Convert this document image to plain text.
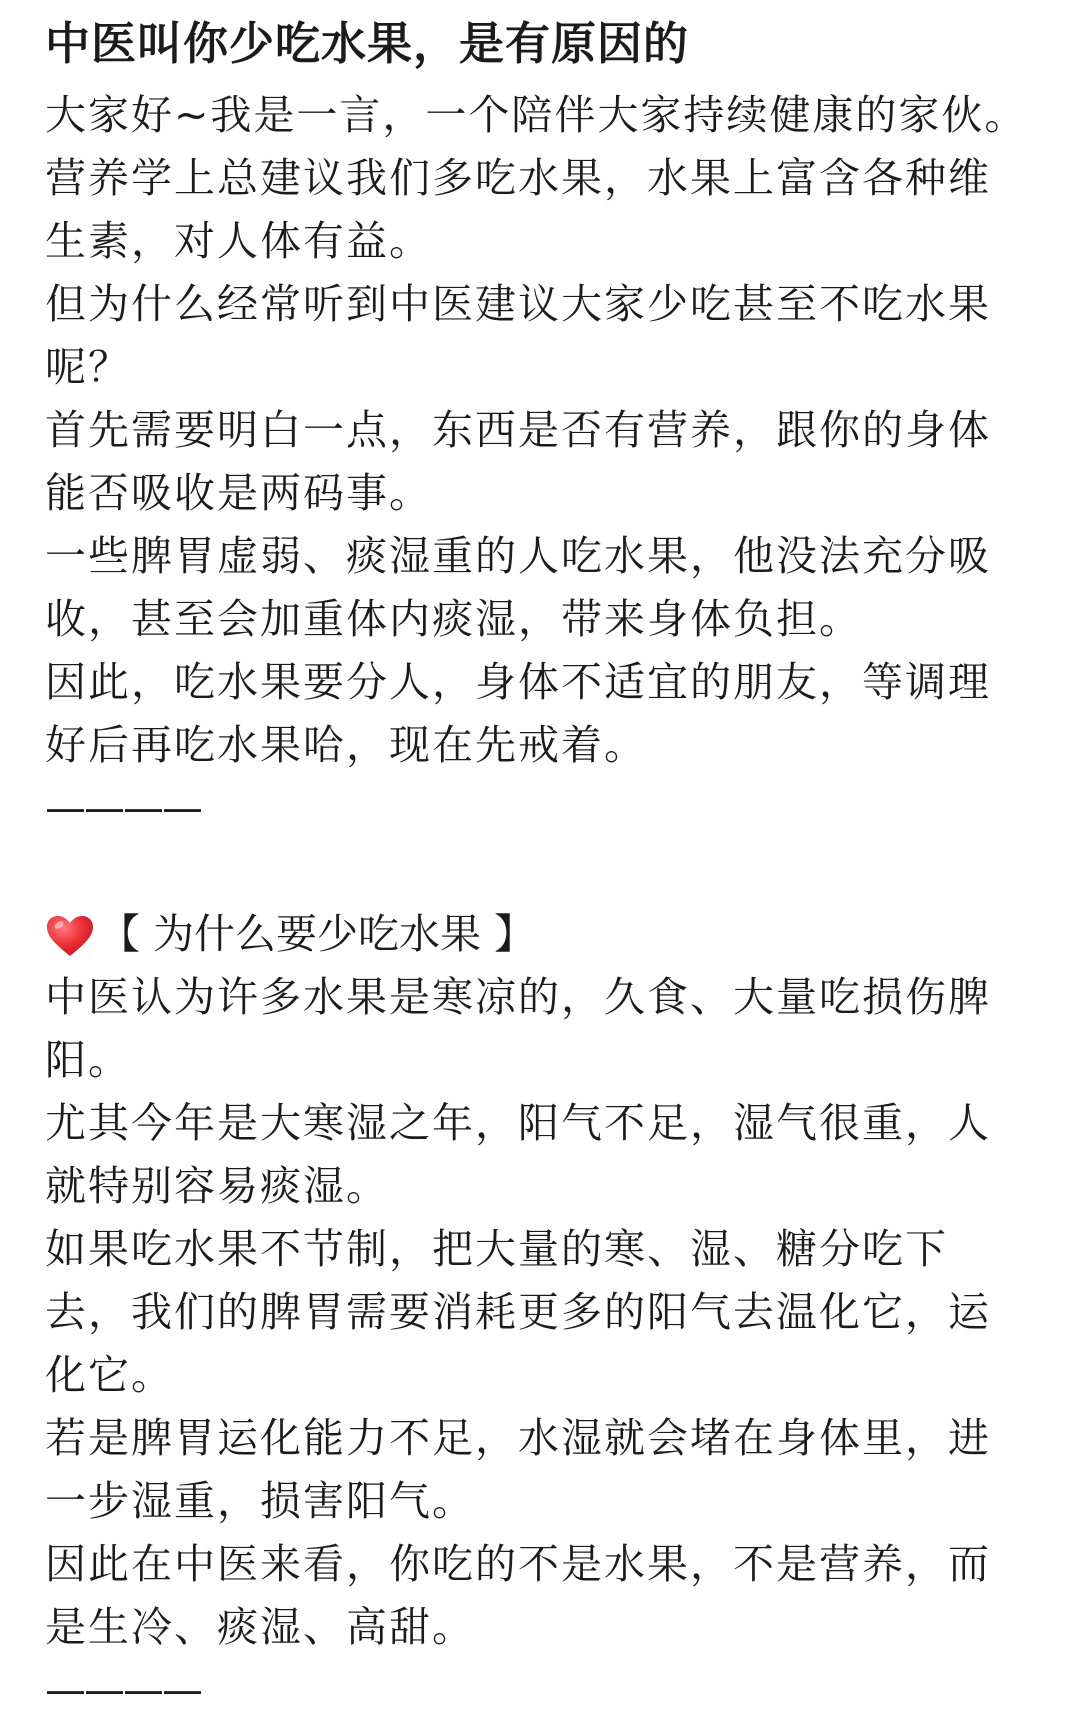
中医叫你少吃水果，是有原因的

大家好~我是一言，一个陪伴大家持续健康的家伙。

营养学上总建议我们多吃水果，水果上富含各种维生素，对人体有益。

但为什么经常听到中医建议大家少吃甚至不吃水果呢？

首先需要明白一点，东西是否有营养，跟你的身体能否吸收是两码事。

一些脾胃虚弱、痰湿重的人吃水果，他没法充分吸收，甚至会加重体内痰湿，带来身体负担。

因此，吃水果要分人，身体不适宜的朋友，等调理好后再吃水果哈，现在先戒着。

————

【 为什么要少吃水果 】

中医认为许多水果是寒凉的，久食、大量吃损伤脾阳。

尤其今年是大寒湿之年，阳气不足，湿气很重，人就特别容易痰湿。

如果吃水果不节制，把大量的寒、湿、糖分吃下去，我们的脾胃需要消耗更多的阳气去温化它，运化它。

若是脾胃运化能力不足，水湿就会堵在身体里，进一步湿重，损害阳气。

因此在中医来看，你吃的不是水果，不是营养，而是生冷、痰湿、高甜。

————
